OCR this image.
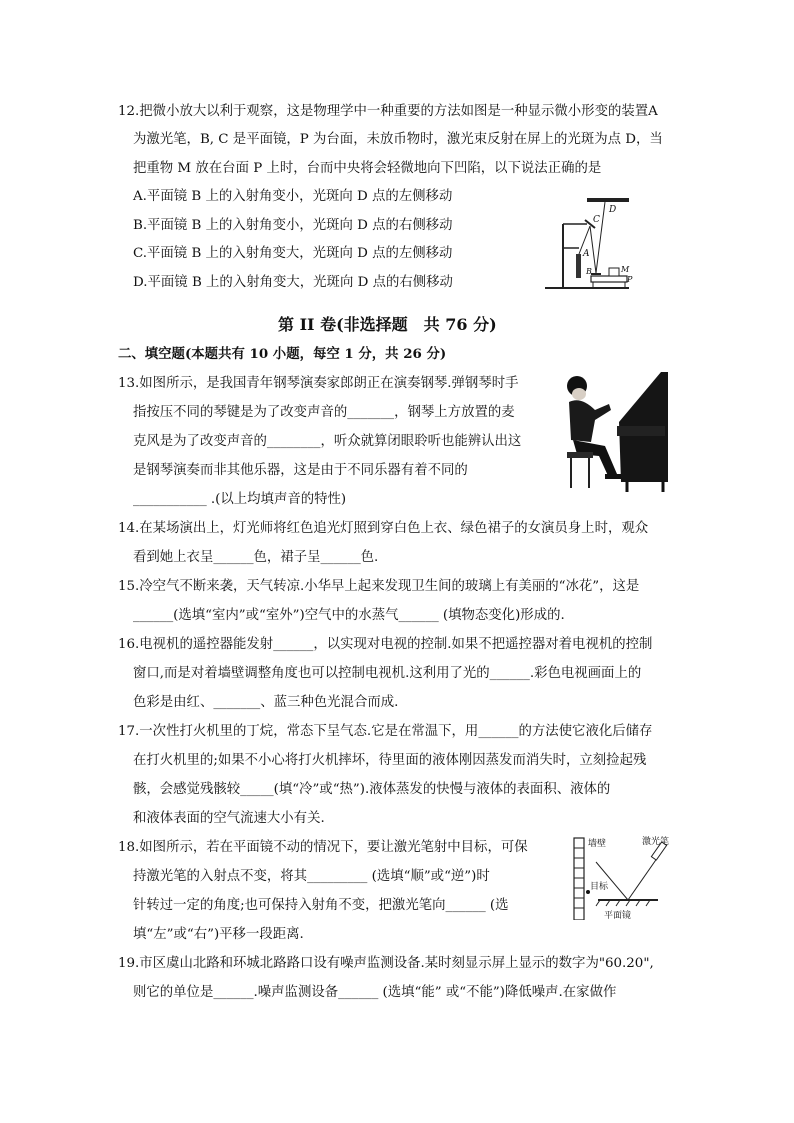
12.把微小放大以利于观察，这是物理学中一种重要的方法如图是一种显示微小形变的装置A
为激光笔，B, C 是平面镜，P 为台面，未放币物时，激光束反射在屏上的光斑为点 D，当
把重物 M 放在台面 P 上时，台而中央将会轻微地向下凹陷，以下说法正确的是
A.平面镜 B 上的入射角变小，光斑向 D 点的左侧移动
B.平面镜 B 上的入射角变小，光斑向 D 点的右侧移动
C.平面镜 B 上的入射角变大，光斑向 D 点的左侧移动
D.平面镜 B 上的入射角变大，光斑向 D 点的右侧移动
C
D
A
B	M
P
第 II 卷(非选择题　共 76 分)
二、填空题(本题共有 10 小题，每空 1 分，共 26 分)
13.如图所示，是我国青年钢琴演奏家郎朗正在演奏钢琴.弹钢琴时手
指按压不同的琴键是为了改变声音的_______，钢琴上方放置的麦
克风是为了改变声音的________，听众就算闭眼聆听也能辨认出这
是钢琴演奏而非其他乐器，这是由于不同乐器有着不同的
___________ .(以上均填声音的特性)
14.在某场演出上，灯光师将红色追光灯照到穿白色上衣、绿色裙子的女演员身上时，观众
看到她上衣呈______色，裙子呈______色.
15.冷空气不断来袭，天气转凉.小华早上起来发现卫生间的玻璃上有美丽的“冰花”，这是
______(选填“室内”或“室外”)空气中的水蒸气______ (填物态变化)形成的.
16.电视机的遥控器能发射______，以实现对电视的控制.如果不把遥控器对着电视机的控制
窗口,而是对着墙壁调整角度也可以控制电视机.这利用了光的______.彩色电视画面上的
色彩是由红、_______、蓝三种色光混合而成.
17.一次性打火机里的丁烷，常态下呈气态.它是在常温下，用______的方法使它液化后储存
在打火机里的;如果不小心将打火机摔坏，待里面的液体刚因蒸发而消失时，立刻捡起残
骸，会感觉残骸较_____(填“冷”或“热”).液体蒸发的快慢与液体的表面积、液体的
和液体表面的空气流速大小有关.
18.如图所示，若在平面镜不动的情况下，要让激光笔射中目标，可保
持激光笔的入射点不变，将其_________ (选填“顺”或“逆”)时
针转过一定的角度;也可保持入射角不变，把激光笔向______ (选
填“左”或“右”)平移一段距离.
墙壁	激光笔
目标
平面镜
19.市区虞山北路和环城北路路口设有噪声监测设备.某时刻显示屏上显示的数字为"60.20",
则它的单位是______.噪声监测设备______ (选填“能” 或“不能”)降低噪声.在家做作
